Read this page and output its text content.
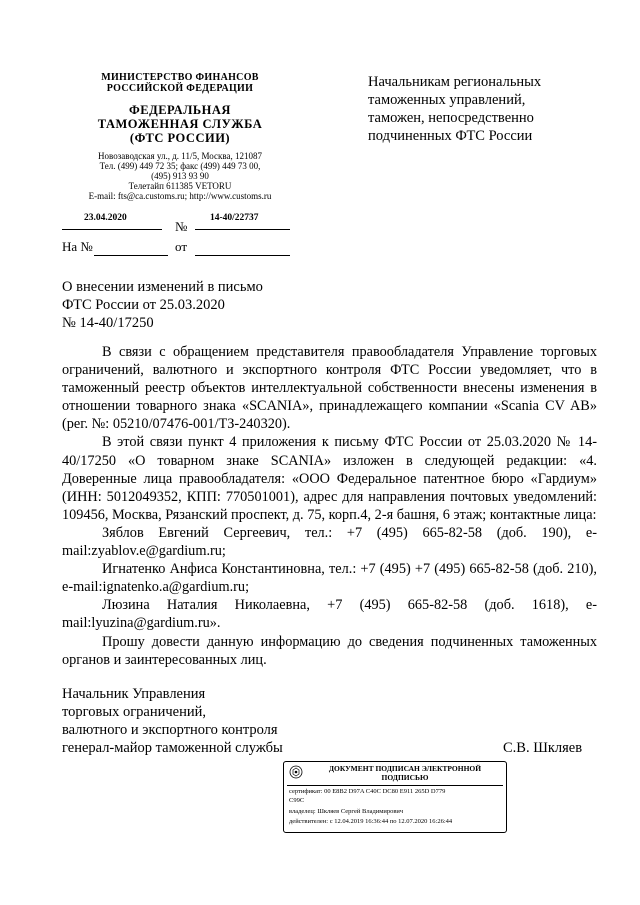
МИНИСТЕРСТВО ФИНАНСОВ
РОССИЙСКОЙ ФЕДЕРАЦИИ
ФЕДЕРАЛЬНАЯ
ТАМОЖЕННАЯ СЛУЖБА
(ФТС РОССИИ)
Новозаводская ул., д. 11/5, Москва, 121087
Тел. (499) 449 72 35; факс (499) 449 73 00,
(495) 913 93 90
Телетайп 611385 VETORU
E-mail: fts@ca.customs.ru; http://www.customs.ru
23.04.2020
№
14-40/22737
На №	от
Начальникам региональных
таможенных управлений,
таможен, непосредственно
подчиненных ФТС России
О внесении изменений в письмо
ФТС России от 25.03.2020
№ 14-40/17250

В связи с обращением представителя правообладателя Управление торговых ограничений, валютного и экспортного контроля ФТС России уведомляет, что в таможенный реестр объектов интеллектуальной собственности внесены изменения в отношении товарного знака «SCANIA», принадлежащего компании «Scania CV AB» (рег. №: 05210/07476-001/ТЗ-240320).

В этой связи пункт 4 приложения к письму ФТС России от 25.03.2020 № 14-40/17250 «О товарном знаке SCANIA» изложен в следующей редакции: «4. Доверенные лица правообладателя: «ООО Федеральное патентное бюро «Гардиум» (ИНН: 5012049352, КПП: 770501001), адрес для направления почтовых уведомлений: 109456, Москва, Рязанский проспект, д. 75, корп.4, 2-я башня, 6 этаж; контактные лица:

Зяблов Евгений Сергеевич, тел.: +7 (495) 665-82-58 (доб. 190), e-mail:zyablov.e@gardium.ru;

Игнатенко Анфиса Константиновна, тел.: +7 (495) +7 (495) 665-82-58 (доб. 210), e-mail:ignatenko.a@gardium.ru;

Люзина Наталия Николаевна, +7 (495) 665-82-58 (доб. 1618), e-mail:lyuzina@gardium.ru».

Прошу довести данную информацию до сведения подчиненных таможенных органов и заинтересованных лиц.

Начальник Управления
торговых ограничений,
валютного и экспортного контроля
генерал-майор таможенной службы	С.В. Шкляев
ДОКУМЕНТ ПОДПИСАН ЭЛЕКТРОННОЙ
ПОДПИСЬЮ
сертификат: 00 E8B2 D97A C40C DC80 E911 265D D779
C99C
владелец: Шкляев Сергей Владимирович
действителен: с 12.04.2019 16:36:44 по 12.07.2020 16:26:44
